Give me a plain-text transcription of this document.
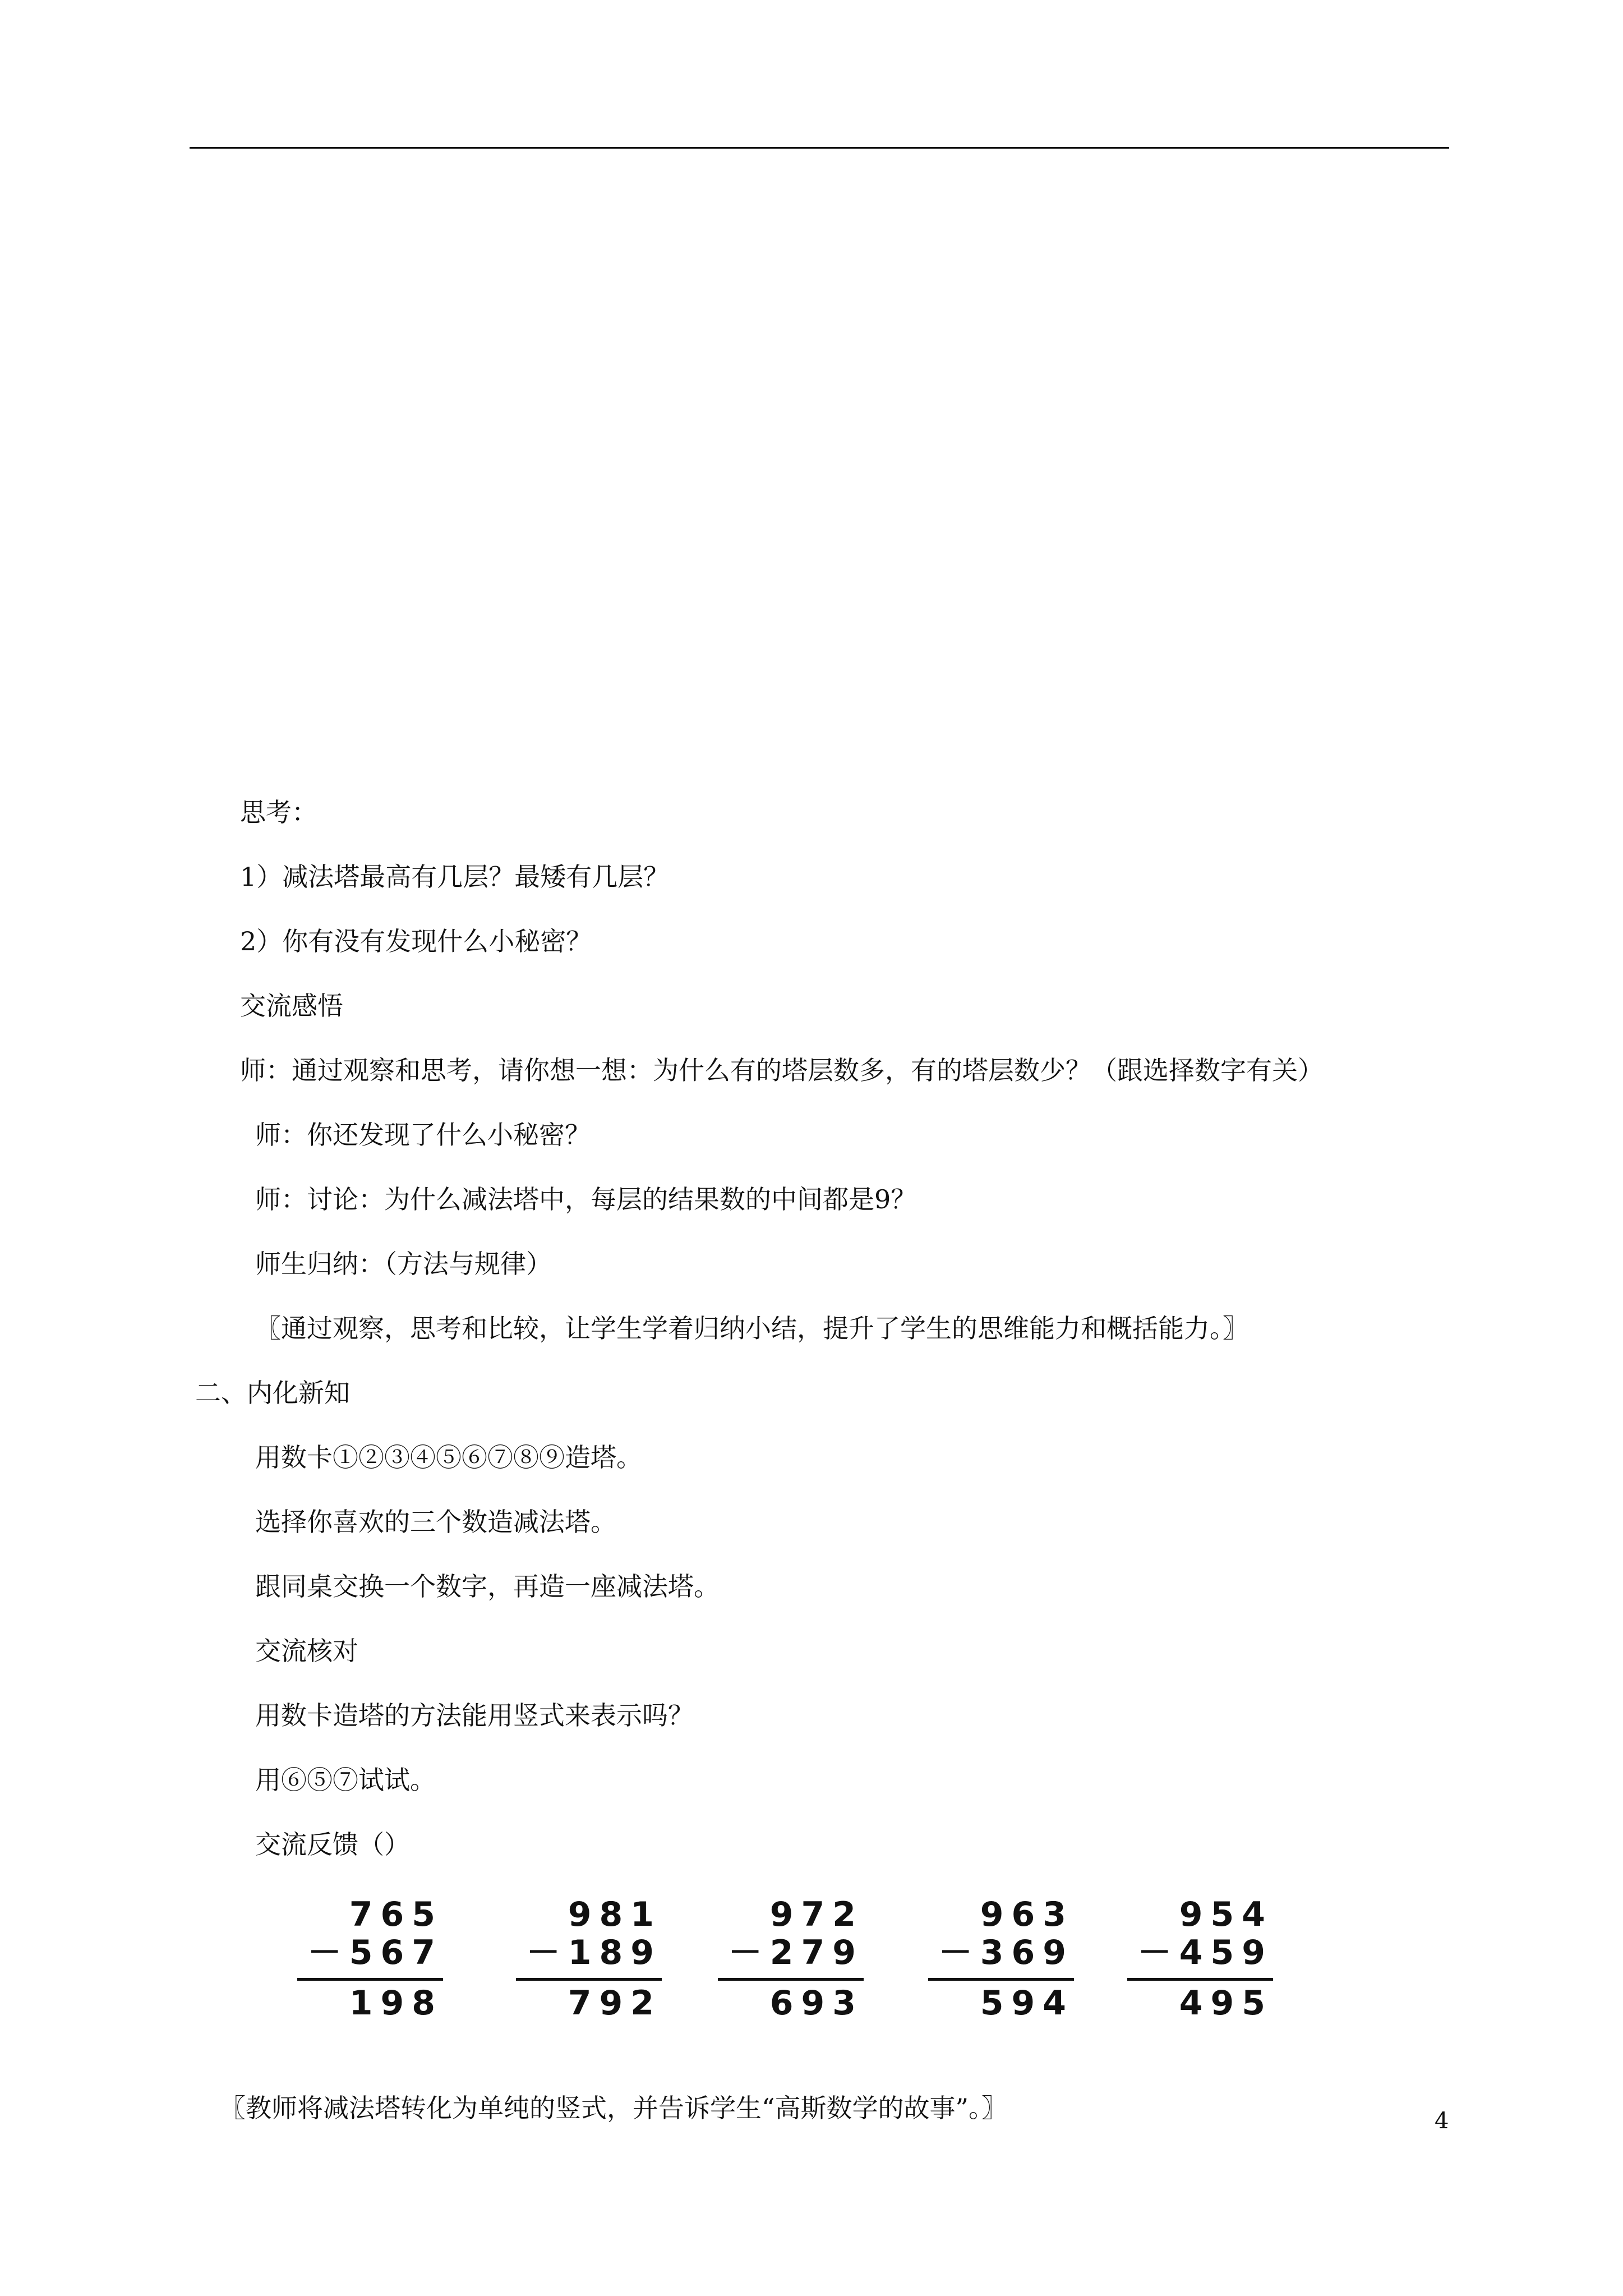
思考：
1）减法塔最高有几层？最矮有几层？
2）你有没有发现什么小秘密？
交流感悟
师：通过观察和思考，请你想一想：为什么有的塔层数多，有的塔层数少？（跟选择数字有关）
师：你还发现了什么小秘密？
师：讨论：为什么减法塔中，每层的结果数的中间都是9？
师生归纳：（方法与规律）
〖通过观察，思考和比较，让学生学着归纳小结，提升了学生的思维能力和概括能力。〗
二、内化新知
用数卡①②③④⑤⑥⑦⑧⑨造塔。
选择你喜欢的三个数造减法塔。
跟同桌交换一个数字，再造一座减法塔。
交流核对
用数卡造塔的方法能用竖式来表示吗？
用⑥⑤⑦试试。
交流反馈（）
〖教师将减法塔转化为单纯的竖式，并告诉学生“高斯数学的故事”。〗
765
－567
198
981
－189
792
972
－279
693
963
－369
594
954
－459
495
4
